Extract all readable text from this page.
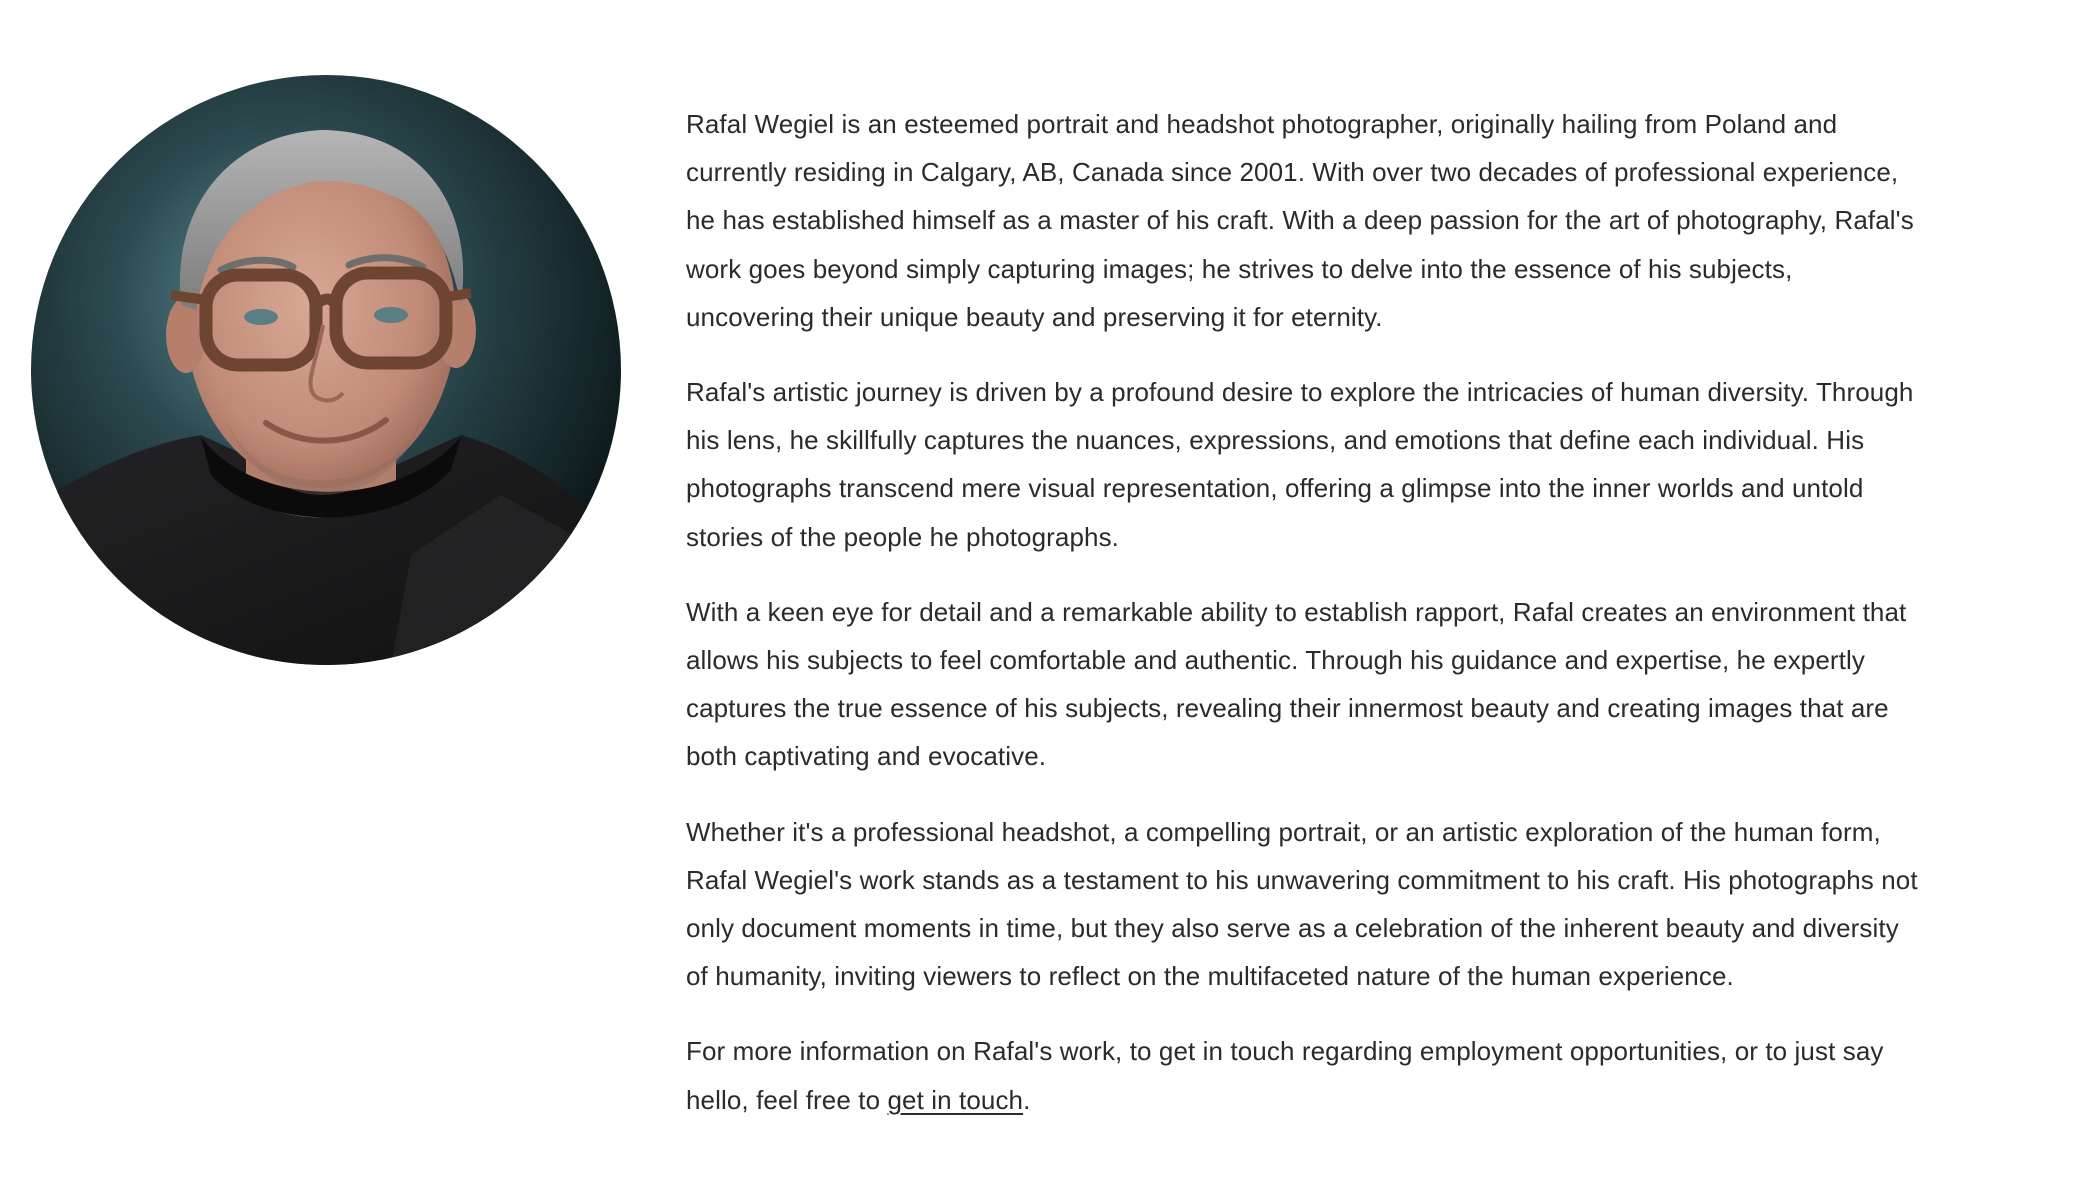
Rafal Wegiel is an esteemed portrait and headshot photographer, originally hailing from Poland and currently residing in Calgary, AB, Canada since 2001. With over two decades of professional experience, he has established himself as a master of his craft. With a deep passion for the art of photography, Rafal's work goes beyond simply capturing images; he strives to delve into the essence of his subjects, uncovering their unique beauty and preserving it for eternity.

Rafal's artistic journey is driven by a profound desire to explore the intricacies of human diversity. Through his lens, he skillfully captures the nuances, expressions, and emotions that define each individual. His photographs transcend mere visual representation, offering a glimpse into the inner worlds and untold stories of the people he photographs.

With a keen eye for detail and a remarkable ability to establish rapport, Rafal creates an environment that allows his subjects to feel comfortable and authentic. Through his guidance and expertise, he expertly captures the true essence of his subjects, revealing their innermost beauty and creating images that are both captivating and evocative.

Whether it's a professional headshot, a compelling portrait, or an artistic exploration of the human form, Rafal Wegiel's work stands as a testament to his unwavering commitment to his craft. His photographs not only document moments in time, but they also serve as a celebration of the inherent beauty and diversity of humanity, inviting viewers to reflect on the multifaceted nature of the human experience.

For more information on Rafal's work, to get in touch regarding employment opportunities, or to just say hello, feel free to get in touch.
